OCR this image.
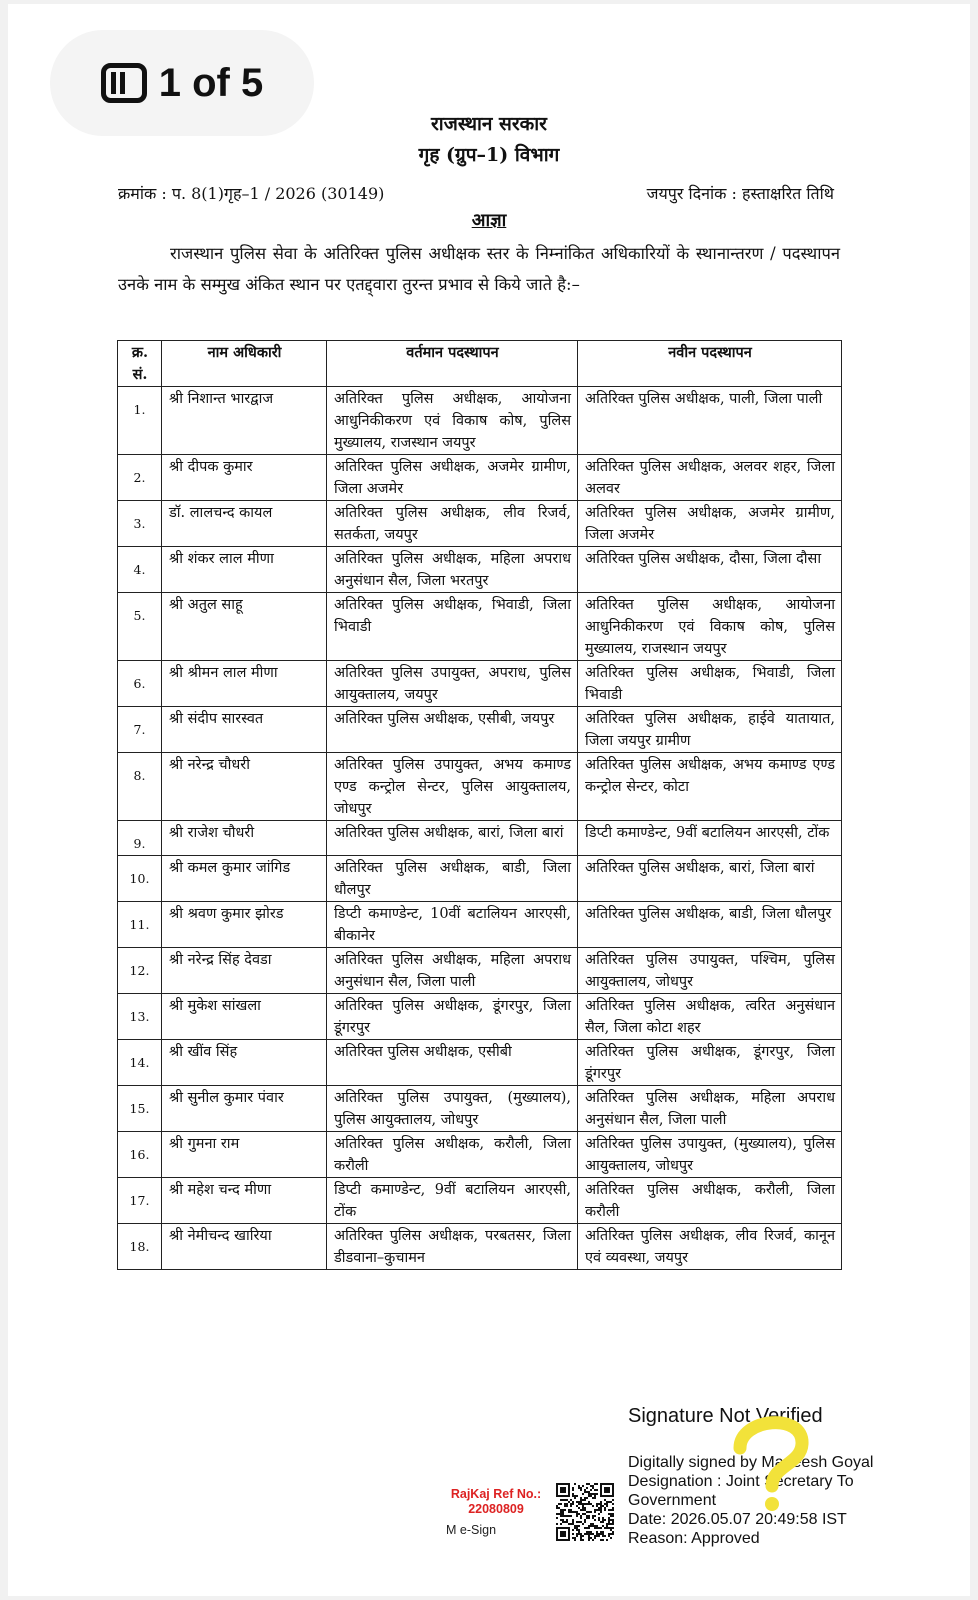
1 of 5
राजस्थान सरकार
गृह (ग्रुप–1) विभाग
क्रमांक : प. 8(1)गृह–1 / 2026 (30149)	जयपुर दिनांक : हस्ताक्षरित तिथि
आज्ञा

राजस्थान पुलिस सेवा के अतिरिक्त पुलिस अधीक्षक स्तर के निम्नांकित अधिकारियों के स्थानान्तरण / पदस्थापन उनके नाम के सम्मुख अंकित स्थान पर एतद्द्वारा तुरन्त प्रभाव से किये जाते है:–

क्र. सं.	नाम अधिकारी	वर्तमान पदस्थापन	नवीन पदस्थापन
1.	श्री निशान्त भारद्वाज	अतिरिक्त पुलिस अधीक्षक, आयोजना आधुनिकीकरण एवं विकाष कोष, पुलिस मुख्यालय, राजस्थान जयपुर	अतिरिक्त पुलिस अधीक्षक, पाली, जिला पाली
2.	श्री दीपक कुमार	अतिरिक्त पुलिस अधीक्षक, अजमेर ग्रामीण, जिला अजमेर	अतिरिक्त पुलिस अधीक्षक, अलवर शहर, जिला अलवर
3.	डॉ. लालचन्द कायल	अतिरिक्त पुलिस अधीक्षक, लीव रिजर्व, सतर्कता, जयपुर	अतिरिक्त पुलिस अधीक्षक, अजमेर ग्रामीण, जिला अजमेर
4.	श्री शंकर लाल मीणा	अतिरिक्त पुलिस अधीक्षक, महिला अपराध अनुसंधान सैल, जिला भरतपुर	अतिरिक्त पुलिस अधीक्षक, दौसा, जिला दौसा
5.	श्री अतुल साहू	अतिरिक्त पुलिस अधीक्षक, भिवाडी, जिला भिवाडी	अतिरिक्त पुलिस अधीक्षक, आयोजना आधुनिकीकरण एवं विकाष कोष, पुलिस मुख्यालय, राजस्थान जयपुर
6.	श्री श्रीमन लाल मीणा	अतिरिक्त पुलिस उपायुक्त, अपराध, पुलिस आयुक्तालय, जयपुर	अतिरिक्त पुलिस अधीक्षक, भिवाडी, जिला भिवाडी
7.	श्री संदीप सारस्वत	अतिरिक्त पुलिस अधीक्षक, एसीबी, जयपुर	अतिरिक्त पुलिस अधीक्षक, हाईवे यातायात, जिला जयपुर ग्रामीण
8.	श्री नरेन्द्र चौधरी	अतिरिक्त पुलिस उपायुक्त, अभय कमाण्ड एण्ड कन्ट्रोल सेन्टर, पुलिस आयुक्तालय, जोधपुर	अतिरिक्त पुलिस अधीक्षक, अभय कमाण्ड एण्ड कन्ट्रोल सेन्टर, कोटा
9.	श्री राजेश चौधरी	अतिरिक्त पुलिस अधीक्षक, बारां, जिला बारां	डिप्टी कमाण्डेन्ट, 9वीं बटालियन आरएसी, टोंक
10.	श्री कमल कुमार जांगिड	अतिरिक्त पुलिस अधीक्षक, बाडी, जिला धौलपुर	अतिरिक्त पुलिस अधीक्षक, बारां, जिला बारां
11.	श्री श्रवण कुमार झोरड	डिप्टी कमाण्डेन्ट, 10वीं बटालियन आरएसी, बीकानेर	अतिरिक्त पुलिस अधीक्षक, बाडी, जिला धौलपुर
12.	श्री नरेन्द्र सिंह देवडा	अतिरिक्त पुलिस अधीक्षक, महिला अपराध अनुसंधान सैल, जिला पाली	अतिरिक्त पुलिस उपायुक्त, पश्चिम, पुलिस आयुक्तालय, जोधपुर
13.	श्री मुकेश सांखला	अतिरिक्त पुलिस अधीक्षक, डूंगरपुर, जिला डूंगरपुर	अतिरिक्त पुलिस अधीक्षक, त्वरित अनुसंधान सैल, जिला कोटा शहर
14.	श्री खींव सिंह	अतिरिक्त पुलिस अधीक्षक, एसीबी	अतिरिक्त पुलिस अधीक्षक, डूंगरपुर, जिला डूंगरपुर
15.	श्री सुनील कुमार पंवार	अतिरिक्त पुलिस उपायुक्त, (मुख्यालय), पुलिस आयुक्तालय, जोधपुर	अतिरिक्त पुलिस अधीक्षक, महिला अपराध अनुसंधान सैल, जिला पाली
16.	श्री गुमना राम	अतिरिक्त पुलिस अधीक्षक, करौली, जिला करौली	अतिरिक्त पुलिस उपायुक्त, (मुख्यालय), पुलिस आयुक्तालय, जोधपुर
17.	श्री महेश चन्द मीणा	डिप्टी कमाण्डेन्ट, 9वीं बटालियन आरएसी, टोंक	अतिरिक्त पुलिस अधीक्षक, करौली, जिला करौली
18.	श्री नेमीचन्द खारिया	अतिरिक्त पुलिस अधीक्षक, परबतसर, जिला डीडवाना–कुचामन	अतिरिक्त पुलिस अधीक्षक, लीव रिजर्व, कानून एवं व्यवस्था, जयपुर
RajKaj Ref No.:
22080809
M e-Sign
Signature Not Verified
Digitally signed by Maneesh Goyal
Designation : Joint Secretary To
Government
Date: 2026.05.07 20:49:58 IST
Reason: Approved
